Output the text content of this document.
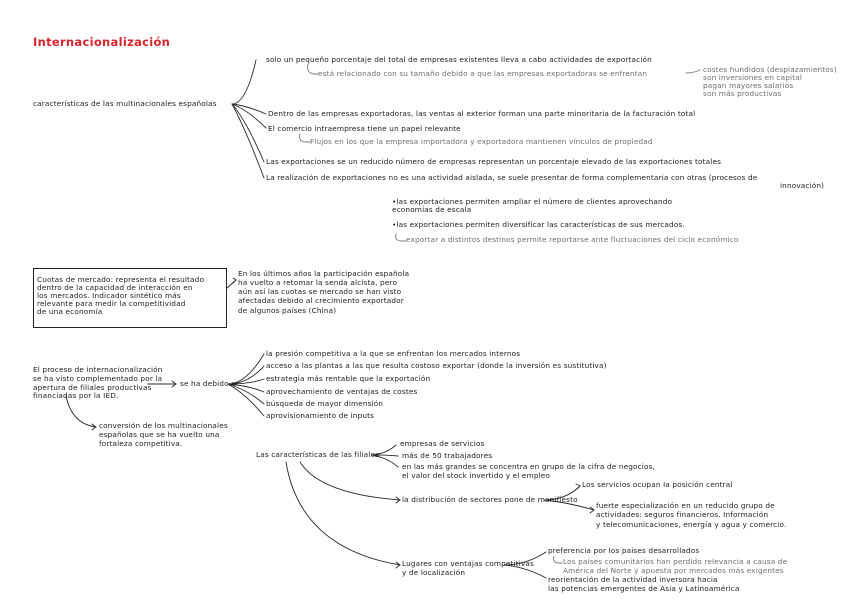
Internacionalización
características de las multinacionales españolas
solo un pequeño porcentaje del total de empresas existentes lleva a cabo actividades de exportación
está relacionado con su tamaño debido a que las empresas exportadoras se enfrentan	costes hundidos (desplazamientos)
son inversiones en capital
pagan mayores salarios
son más productivas
Dentro de las empresas exportadoras, las ventas al exterior forman una parte minoritaria de la facturación total
El comercio intraempresa tiene un papel relevante
Flujos en los que la empresa importadora y exportadora mantienen vínculos de propiedad
Las exportaciones se un reducido número de empresas representan un porcentaje elevado de las exportaciones totales
La realización de exportaciones no es una actividad aislada, se suele presentar de forma complementaria con otras (procesos de
innovación)
•las exportaciones permiten ampliar el número de clientes aprovechando
economías de escala
•las exportaciones permiten diversificar las características de sus mercados.
exportar a distintos destinos permite reportarse ante fluctuaciones del ciclo económico
Cuotas de mercado: representa el resultado
dentro de la capacidad de interacción en
los mercados. Indicador sintético más
relevante para medir la competitividad
de una economía
En los últimos años la participación española
ha vuelto a retomar la senda alcista, pero
aún así las cuotas se mercado se han visto
afectadas debido al crecimiento exportador
de algunos países (China)
El proceso de internacionalización
se ha visto complementado por la
apertura de filiales productivas
financiadas por la IED.
se ha debido a
la presión competitiva a la que se enfrentan los mercados internos
acceso a las plantas a las que resulta costoso exportar (donde la inversión es sustitutiva)
estrategia más rentable que la exportación
aprovechamiento de ventajas de costes
búsqueda de mayor dimensión
aprovisionamiento de inputs
conversión de los multinacionales
españolas que se ha vuelto una
fortaleza competitiva.
Las características de las filiales
empresas de servicios
más de 50 trabajadores
en las más grandes se concentra en grupo de la cifra de negocios,
el valor del stock invertido y el empleo
la distribución de sectores pone de manifiesto
Los servicios ocupan la posición central
fuerte especialización en un reducido grupo de
actividades: seguros financieros. Información
y telecomunicaciones, energía y agua y comercio.
Lugares con ventajas competitivas
y de localización
preferencia por los países desarrollados
Los países comunitarios han perdido relevancia a causa de
América del Norte y apuesta por mercados más exigentes
reorientación de la actividad inversora hacia
las potencias emergentes de Asia y Latinoamérica
